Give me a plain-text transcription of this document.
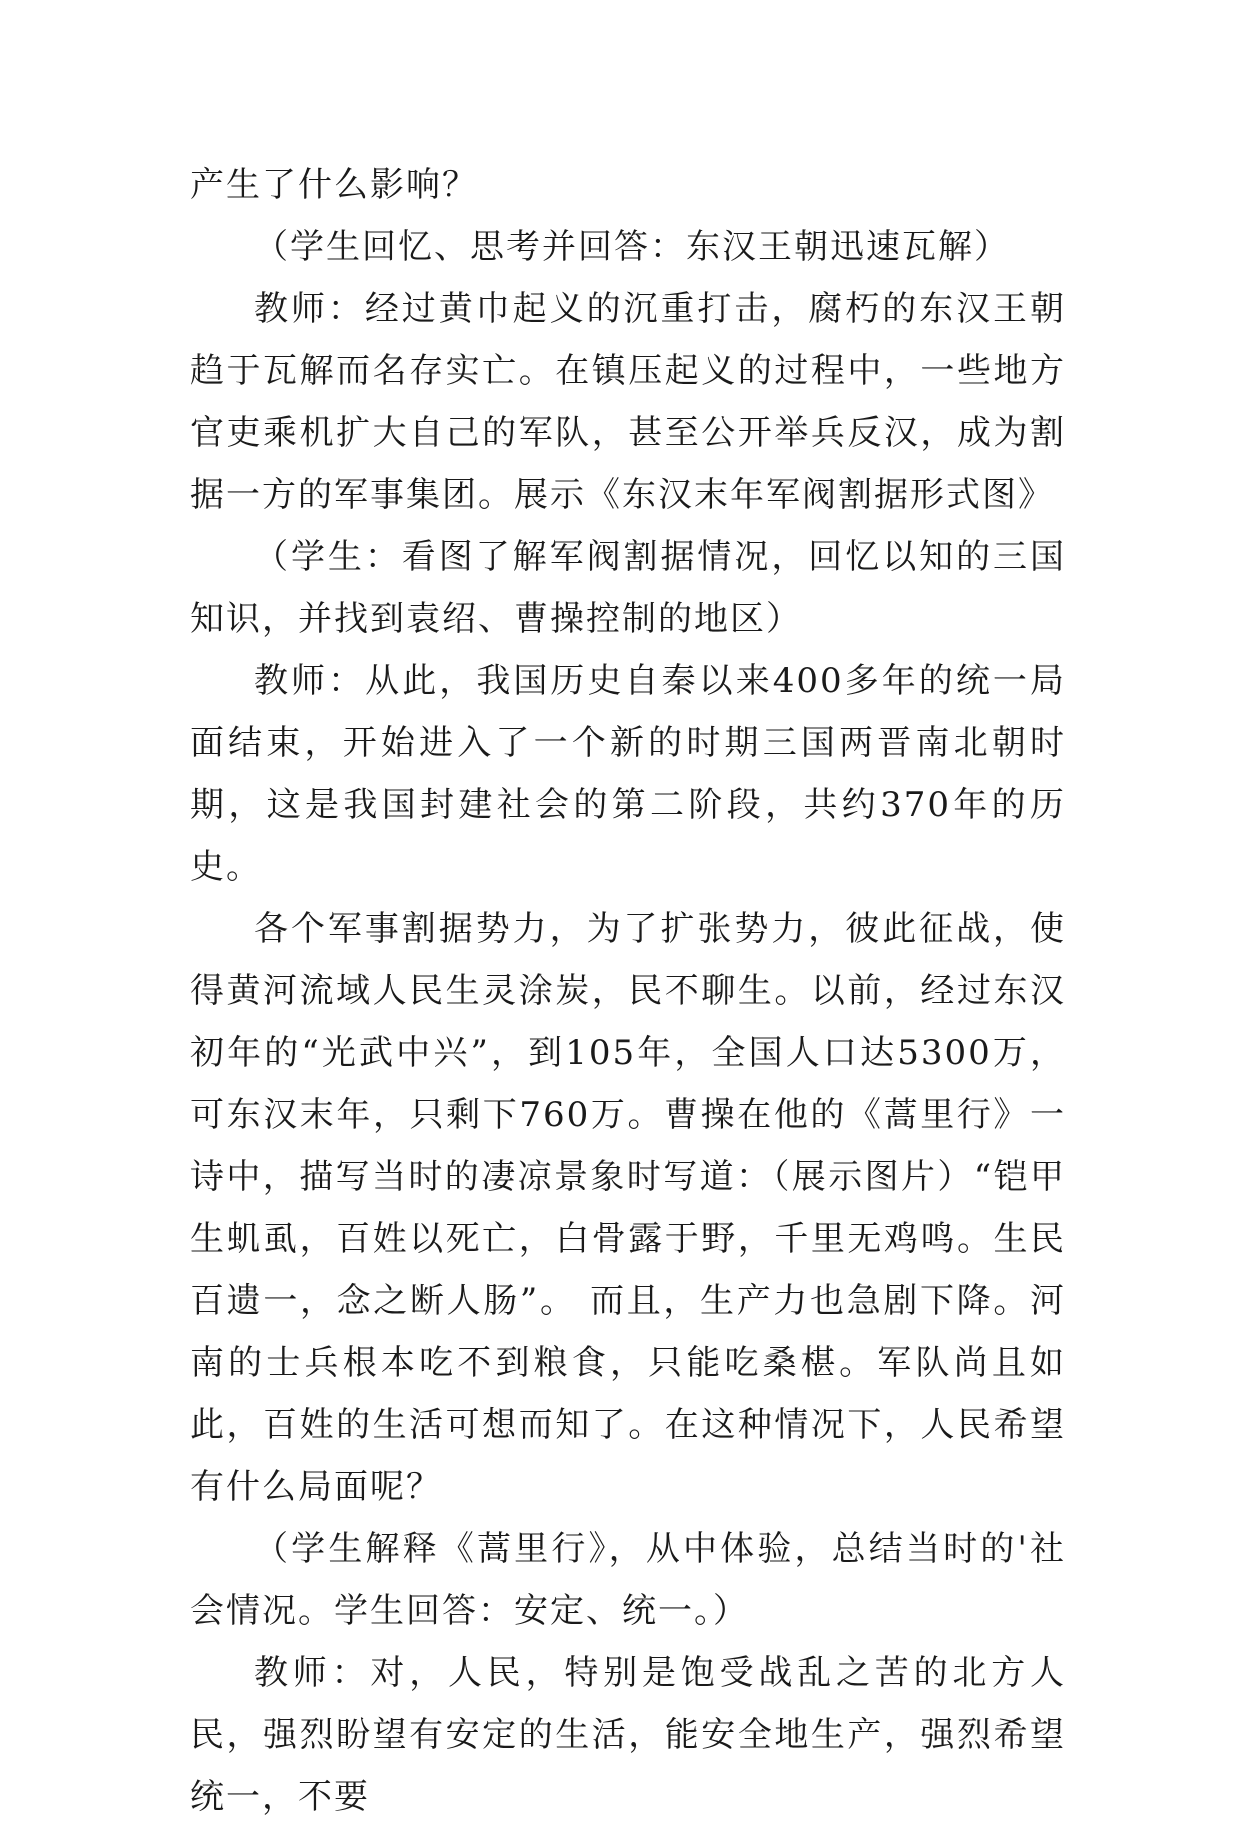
产生了什么影响？

（学生回忆、思考并回答：东汉王朝迅速瓦解）

教师：经过黄巾起义的沉重打击，腐朽的东汉王朝趋于瓦解而名存实亡。在镇压起义的过程中，一些地方官吏乘机扩大自己的军队，甚至公开举兵反汉，成为割据一方的军事集团。展示《东汉末年军阀割据形式图》

（学生：看图了解军阀割据情况，回忆以知的三国知识，并找到袁绍、曹操控制的地区）

教师：从此，我国历史自秦以来400多年的统一局面结束，开始进入了一个新的时期三国两晋南北朝时期，这是我国封建社会的第二阶段，共约370年的历史。

各个军事割据势力，为了扩张势力，彼此征战，使得黄河流域人民生灵涂炭，民不聊生。以前，经过东汉初年的“光武中兴”，到105年，全国人口达5300万，可东汉末年，只剩下760万。曹操在他的《蒿里行》一诗中，描写当时的凄凉景象时写道：（展示图片）“铠甲生虮虱，百姓以死亡，白骨露于野，千里无鸡鸣。生民百遗一，念之断人肠”。 而且，生产力也急剧下降。河南的士兵根本吃不到粮食，只能吃桑椹。军队尚且如此，百姓的生活可想而知了。在这种情况下，人民希望有什么局面呢？

（学生解释《蒿里行》，从中体验，总结当时的'社会情况。学生回答：安定、统一。）

教师：对，人民，特别是饱受战乱之苦的北方人民，强烈盼望有安定的生活，能安全地生产，强烈希望统一，不要
